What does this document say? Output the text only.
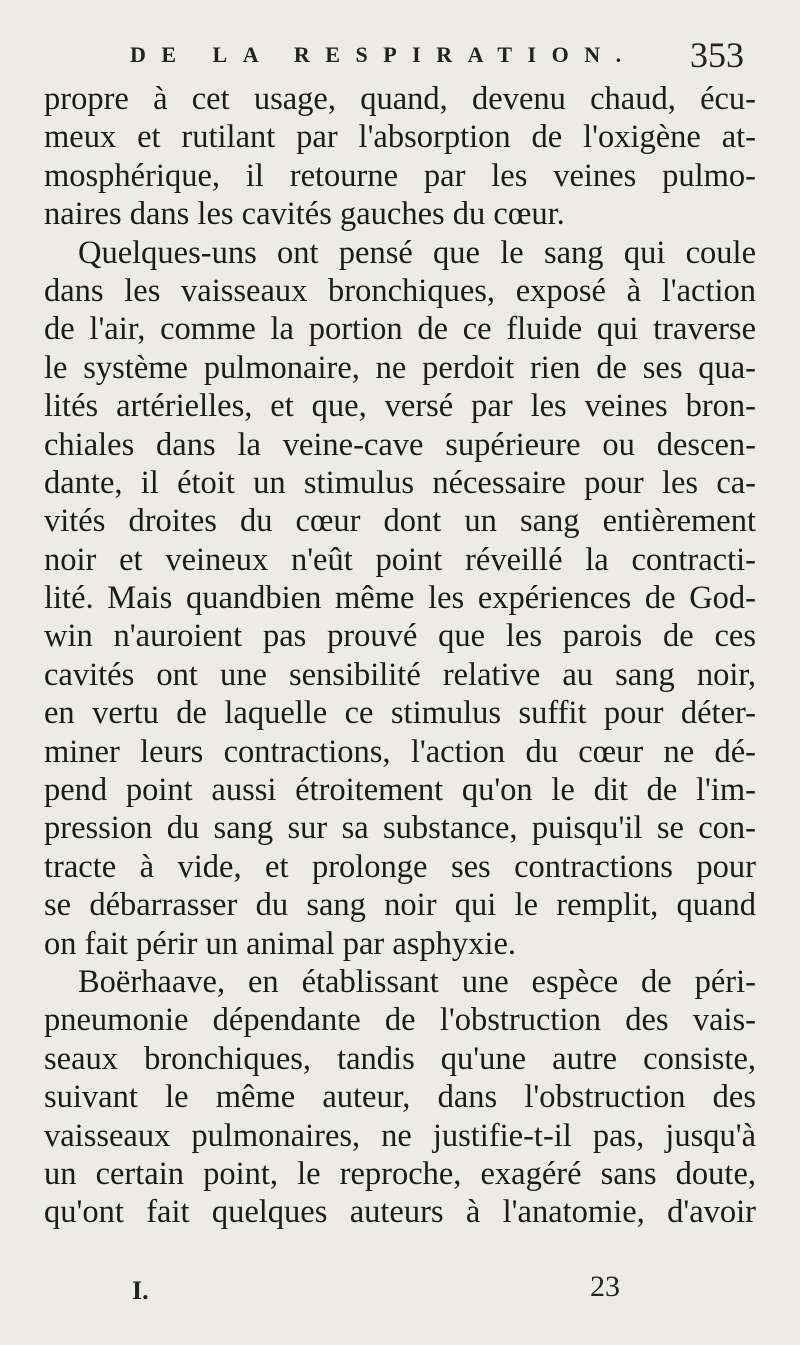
DE LA RESPIRATION. 353
propre à cet usage, quand, devenu chaud, écu-
meux et rutilant par l'absorption de l'oxigène at-
mosphérique, il retourne par les veines pulmo-
naires dans les cavités gauches du cœur.
Quelques-uns ont pensé que le sang qui coule
dans les vaisseaux bronchiques, exposé à l'action
de l'air, comme la portion de ce fluide qui traverse
le système pulmonaire, ne perdoit rien de ses qua-
lités artérielles, et que, versé par les veines bron-
chiales dans la veine-cave supérieure ou descen-
dante, il étoit un stimulus nécessaire pour les ca-
vités droites du cœur dont un sang entièrement
noir et veineux n'eût point réveillé la contracti-
lité. Mais quandbien même les expériences de God-
win n'auroient pas prouvé que les parois de ces
cavités ont une sensibilité relative au sang noir,
en vertu de laquelle ce stimulus suffit pour déter-
miner leurs contractions, l'action du cœur ne dé-
pend point aussi étroitement qu'on le dit de l'im-
pression du sang sur sa substance, puisqu'il se con-
tracte à vide, et prolonge ses contractions pour
se débarrasser du sang noir qui le remplit, quand
on fait périr un animal par asphyxie.
Boërhaave, en établissant une espèce de péri-
pneumonie dépendante de l'obstruction des vais-
seaux bronchiques, tandis qu'une autre consiste,
suivant le même auteur, dans l'obstruction des
vaisseaux pulmonaires, ne justifie-t-il pas, jusqu'à
un certain point, le reproche, exagéré sans doute,
qu'ont fait quelques auteurs à l'anatomie, d'avoir
I.	23
